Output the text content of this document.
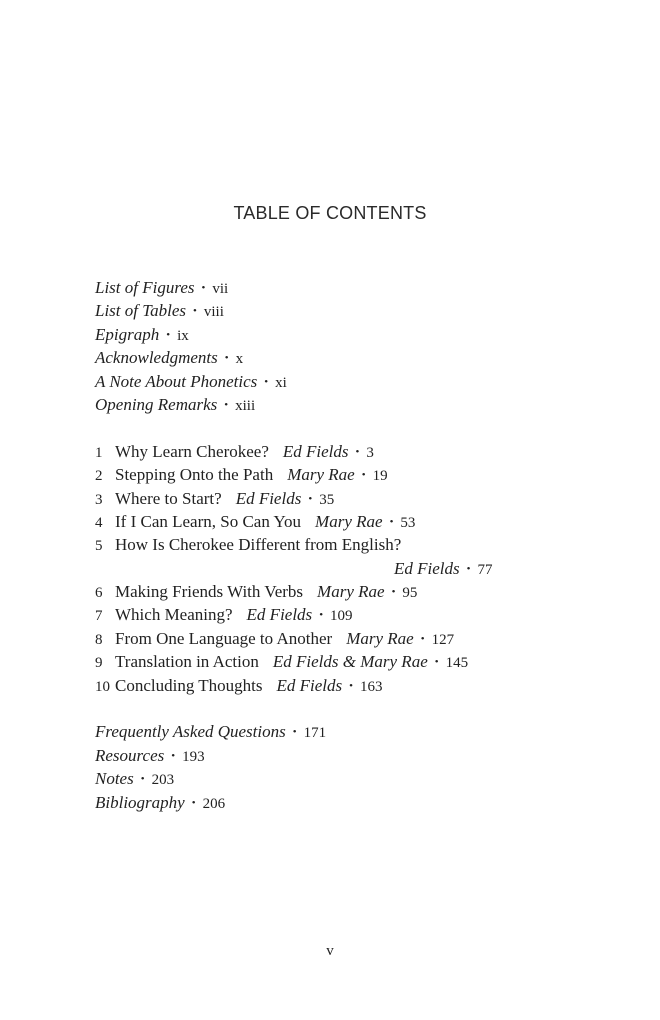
TABLE OF CONTENTS
List of Figures • vii
List of Tables • viii
Epigraph • ix
Acknowledgments • x
A Note About Phonetics • xi
Opening Remarks • xiii
1 Why Learn Cherokee? Ed Fields • 3
2 Stepping Onto the Path Mary Rae • 19
3 Where to Start? Ed Fields • 35
4 If I Can Learn, So Can You Mary Rae • 53
5 How Is Cherokee Different from English?
Ed Fields • 77
6 Making Friends With Verbs Mary Rae • 95
7 Which Meaning? Ed Fields • 109
8 From One Language to Another Mary Rae • 127
9 Translation in Action Ed Fields & Mary Rae • 145
10 Concluding Thoughts Ed Fields • 163
Frequently Asked Questions • 171
Resources • 193
Notes • 203
Bibliography • 206
v
